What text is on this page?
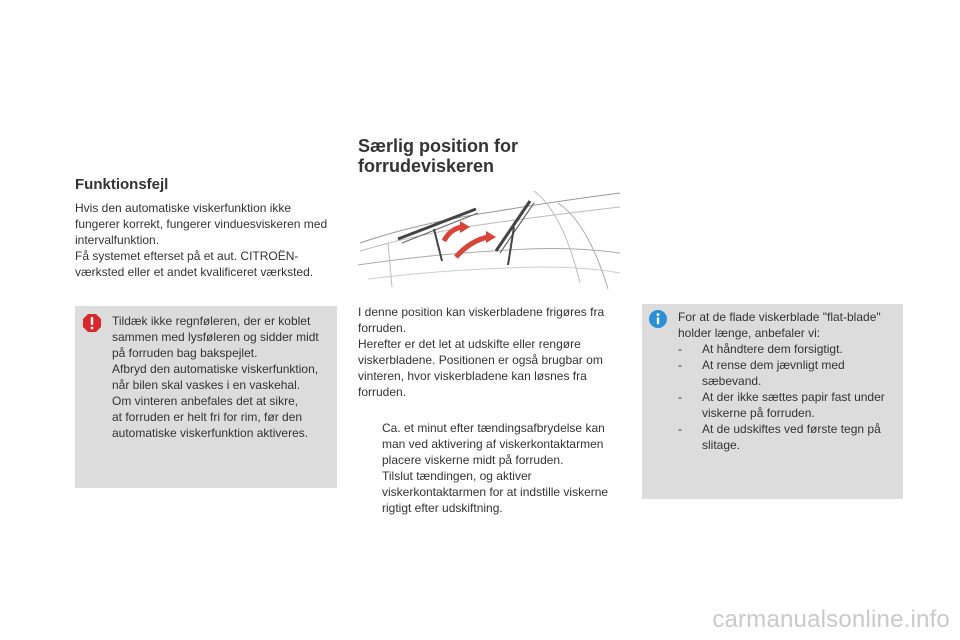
Funktionsfejl

Hvis den automatiske viskerfunktion ikke

fungerer korrekt, fungerer vinduesviskeren med

intervalfunktion.

Få systemet efterset på et aut. CITROËN-

værksted eller et andet kvalificeret værksted.

Tildæk ikke regnføleren, der er koblet

sammen med lysføleren og sidder midt

på forruden bag bakspejlet.

Afbryd den automatiske viskerfunktion,

når bilen skal vaskes i en vaskehal.

Om vinteren anbefales det at sikre,

at forruden er helt fri for rim, før den

automatiske viskerfunktion aktiveres.

Særlig position for
forrudeviskeren

I denne position kan viskerbladene frigøres fra

forruden.

Herefter er det let at udskifte eller rengøre

viskerbladene. Positionen er også brugbar om

vinteren, hvor viskerbladene kan løsnes fra

forruden.

Ca. et minut efter tændingsafbrydelse kan

man ved aktivering af viskerkontaktarmen

placere viskerne midt på forruden.

Tilslut tændingen, og aktiver

viskerkontaktarmen for at indstille viskerne

rigtigt efter udskiftning.

For at de flade viskerblade "flat-blade"

holder længe, anbefaler vi:

- At håndtere dem forsigtigt.

- At rense dem jævnligt med

sæbevand.

- At der ikke sættes papir fast under

viskerne på forruden.

- At de udskiftes ved første tegn på

slitage.

carmanualsonline.info
